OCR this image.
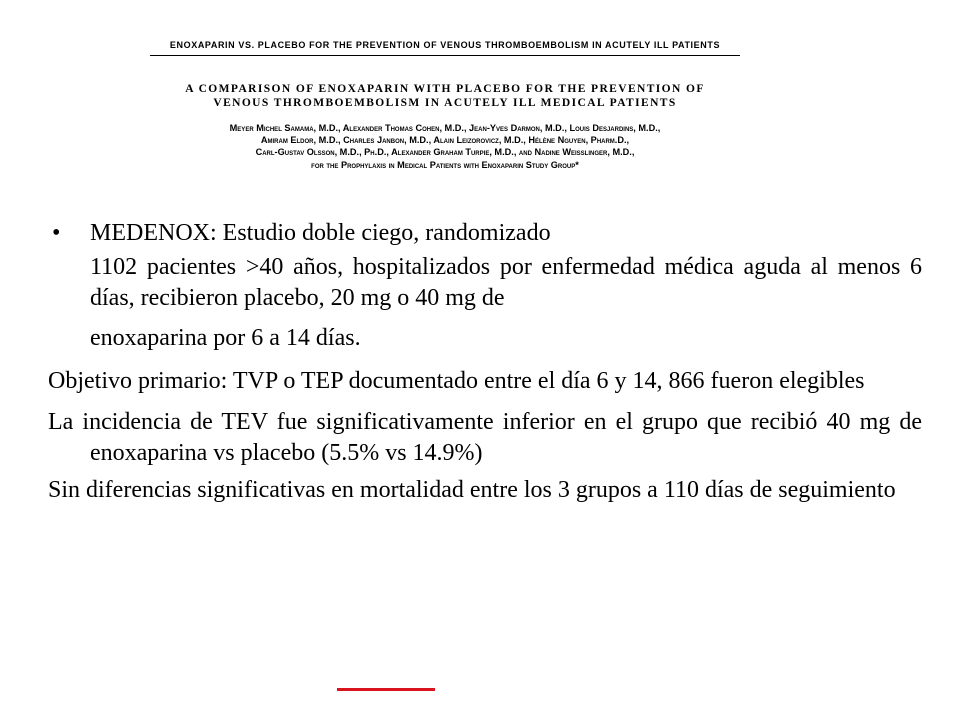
ENOXAPARIN VS. PLACEBO FOR THE PREVENTION OF VENOUS THROMBOEMBOLISM IN ACUTELY ILL PATIENTS
A COMPARISON OF ENOXAPARIN WITH PLACEBO FOR THE PREVENTION OF
VENOUS THROMBOEMBOLISM IN ACUTELY ILL MEDICAL PATIENTS
Meyer Michel Samama, M.D., Alexander Thomas Cohen, M.D., Jean-Yves Darmon, M.D., Louis Desjardins, M.D.,
Amiram Eldor, M.D., Charles Janbon, M.D., Alain Leizorovicz, M.D., Hélène Nguyen, Pharm.D.,
Carl-Gustav Olsson, M.D., Ph.D., Alexander Graham Turpie, M.D., and Nadine Weisslinger, M.D.,
for the Prophylaxis in Medical Patients with Enoxaparin Study Group*
• MEDENOX: Estudio doble ciego, randomizado
1102 pacientes >40 años, hospitalizados por enfermedad médica aguda al menos 6 días, recibieron placebo, 20 mg o 40 mg de
enoxaparina por 6 a 14 días.
Objetivo primario: TVP o TEP documentado entre el día 6 y 14, 866 fueron elegibles
La incidencia de TEV fue significativamente inferior en el grupo que recibió 40 mg de enoxaparina vs placebo (5.5% vs 14.9%)
Sin diferencias significativas en mortalidad entre los 3 grupos a 110 días de seguimiento
